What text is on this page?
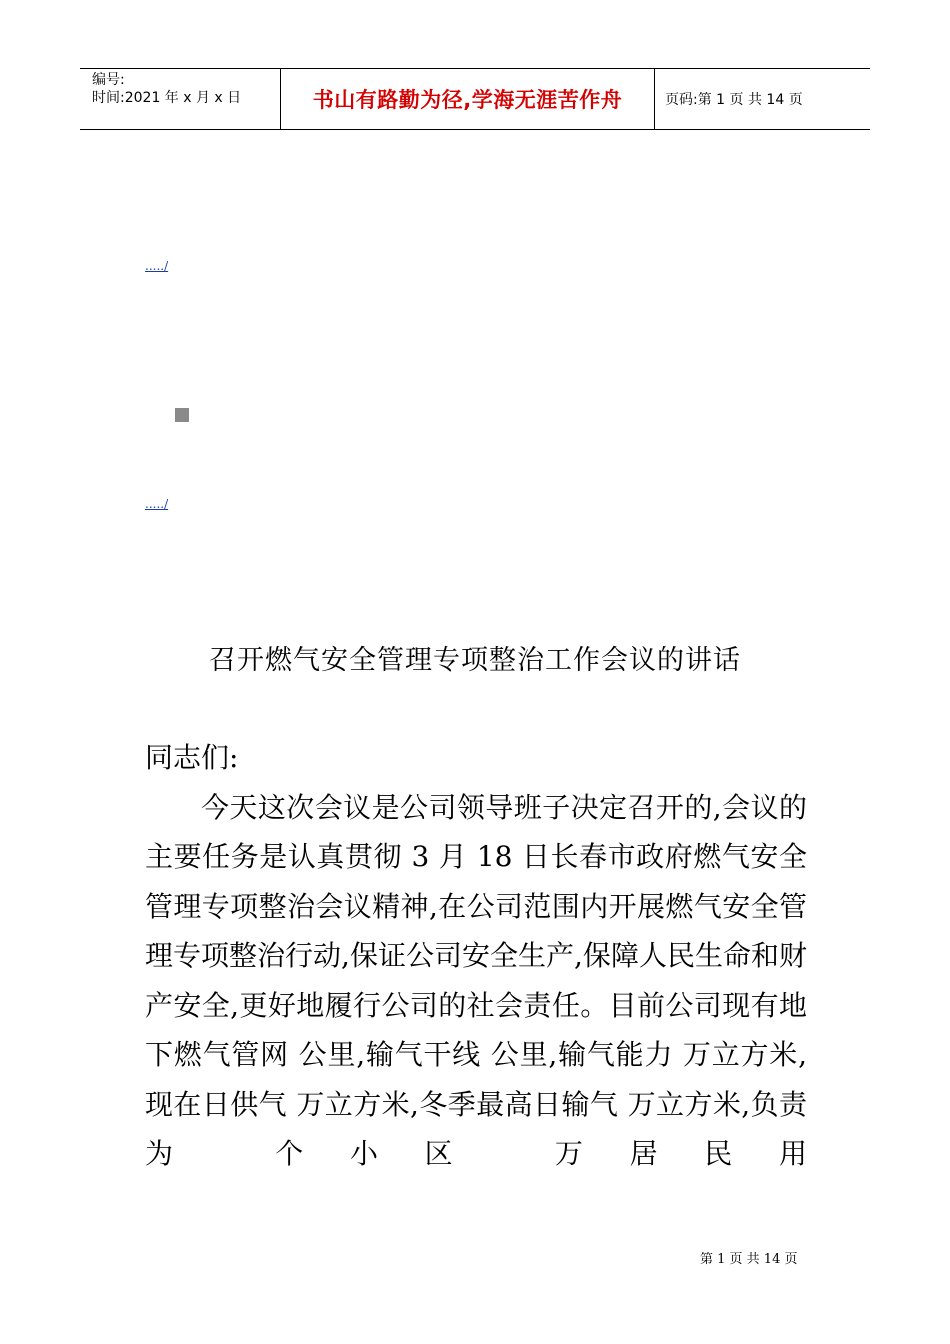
编号:
时间:2021 年 x 月 x 日	书山有路勤为径,学海无涯苦作舟	页码:第 1 页 共 14 页
...../
...../
召开燃气安全管理专项整治工作会议的讲话

同志们:

今天这次会议是公司领导班子决定召开的,会议的主要任务是认真贯彻 3 月 18 日长春市政府燃气安全管理专项整治会议精神,在公司范围内开展燃气安全管理专项整治行动,保证公司安全生产,保障人民生命和财产安全,更好地履行公司的社会责任。目前公司现有地下燃气管网 公里,输气干线 公里,输气能力 万立方米,现在日供气 万立方米,冬季最高日输气 万立方米,负责为 个小区 万居民用

第 1 页 共 14 页
